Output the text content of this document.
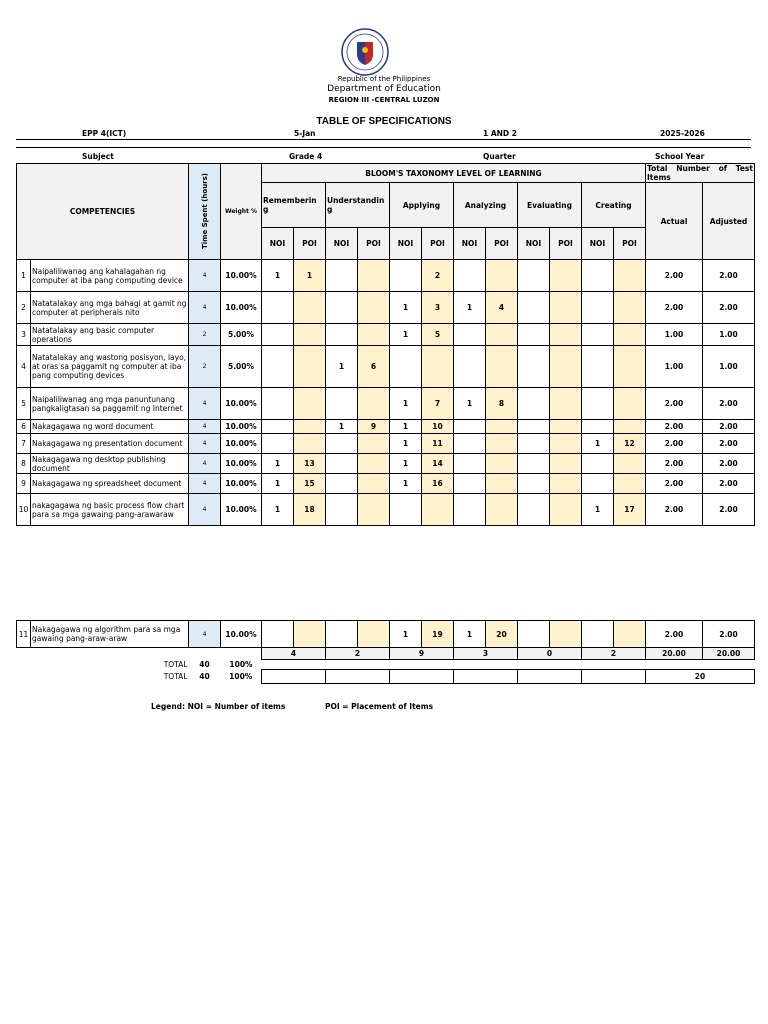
Republic of the Philippines
Department of Education
REGION III -CENTRAL LUZON
TABLE OF SPECIFICATIONS
EPP 4(ICT)	5-Jan	1 AND 2	2025-2026
Subject	Grade 4	Quarter	School Year
COMPETENCIES		Time Spent (hours)	Weight %	BLOOM'S TAXONOMY LEVEL OF LEARNING												Total Number of Test Items	
				Rememberin g		Understandin g		Applying		Analyzing		Evaluating		Creating		Actual	Adjusted
				NOI	POI	NOI	POI	NOI	POI	NOI	POI	NOI	POI	NOI	POI		
1	Naipaliliwanag ang kahalagahan ng computer at iba pang computing device	4	10.00%	1	1				2							2.00	2.00
2	Natatalakay ang mga bahagi at gamit ng computer at peripherals nito	4	10.00%					1	3	1	4					2.00	2.00
3	Natatalakay ang basic computer operations	2	5.00%					1	5							1.00	1.00
4	Natatalakay ang wastong posisyon, layo, at oras sa paggamit ng computer at iba pang computing devices	2	5.00%			1	6									1.00	1.00
5	Naipaliliwanag ang mga panuntunang pangkaligtasan sa paggamit ng Internet	4	10.00%					1	7	1	8					2.00	2.00
6	Nakagagawa ng word document	4	10.00%			1	9	1	10							2.00	2.00
7	Nakagagawa ng presentation document	4	10.00%					1	11					1	12	2.00	2.00
8	Nakagagawa ng desktop publishing document	4	10.00%	1	13			1	14							2.00	2.00
9	Nakagagawa ng spreadsheet document	4	10.00%	1	15			1	16							2.00	2.00
10	nakagagawa ng basic process flow chart para sa mga gawaing pang-arawaraw	4	10.00%	1	18									1	17	2.00	2.00
11	Nakagagawa ng algorithm para sa mga gawaing pang-araw-araw	4	10.00%					1	19	1	20					2.00	2.00
				4		2		9		3		0		2		20.00	20.00
TOTAL		40	100%														
TOTAL		40	100%													20	
Legend: NOI = Number of items	POI = Placement of Items
